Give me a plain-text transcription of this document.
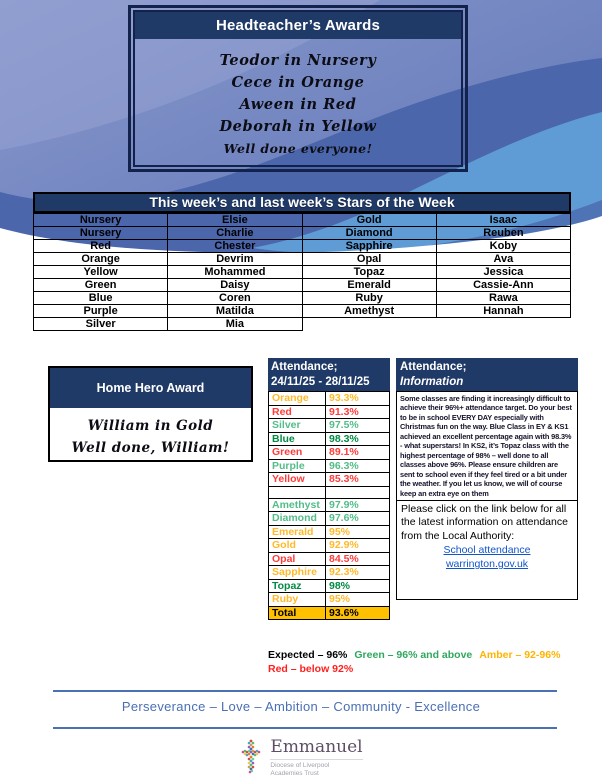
Headteacher’s Awards
Teodor in Nursery
Cece in Orange
Aween in Red
Deborah in Yellow
Well done everyone!
This week’s and last week’s Stars of the Week
Nursery	Elsie	Gold	Isaac
Nursery	Charlie	Diamond	Reuben
Red	Chester	Sapphire	Koby
Orange	Devrim	Opal	Ava
Yellow	Mohammed	Topaz	Jessica
Green	Daisy	Emerald	Cassie-Ann
Blue	Coren	Ruby	Rawa
Purple	Matilda	Amethyst	Hannah
Silver	Mia		
Home Hero Award
William in Gold
Well done, William!
Attendance;
24/11/25 - 28/11/25
Orange	93.3%
Red	91.3%
Silver	97.5%
Blue	98.3%
Green	89.1%
Purple	96.3%
Yellow	85.3%

Amethyst	97.9%
Diamond	97.6%
Emerald	95%
Gold	92.9%
Opal	84.5%
Sapphire	92.3%
Topaz	98%
Ruby	95%
Total	93.6%
Attendance;
Information
Some classes are finding it increasingly difficult to achieve their 96%+ attendance target. Do your best to be in school EVERY DAY especially with Christmas fun on the way. Blue Class in EY & KS1 achieved an excellent percentage again with 98.3% - what superstars! In KS2, it’s Topaz class with the highest percentage of 98% – well done to all classes above 96%. Please ensure children are sent to school even if they feel tired or a bit under the weather. If you let us know, we will of course keep an extra eye on them
Please click on the link below for all the latest information on attendance from the Local Authority:
School attendance
warrington.gov.uk
Expected – 96% Green – 96% and above Amber – 92-96%
Red – below 92%
Perseverance – Love – Ambition – Community - Excellence
Emmanuel
Diocese of Liverpool
Academies Trust
